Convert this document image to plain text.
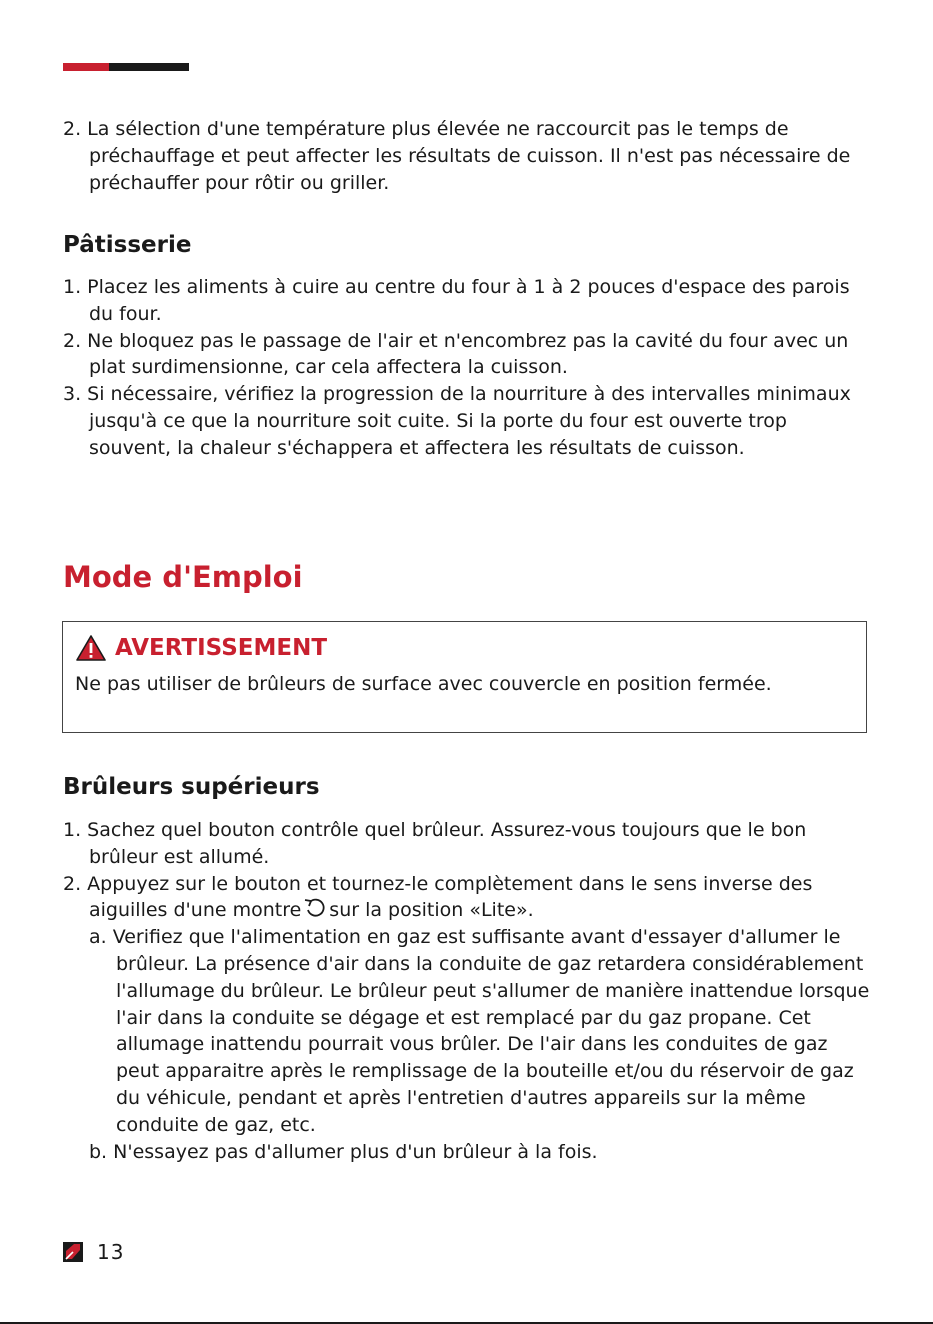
2. La sélection d'une température plus élevée ne raccourcit pas le temps de préchauffage et peut affecter les résultats de cuisson. Il n'est pas nécessaire de préchauffer pour rôtir ou griller.

Pâtisserie

1. Placez les aliments à cuire au centre du four à 1 à 2 pouces d'espace des parois du four.

2. Ne bloquez pas le passage de l'air et n'encombrez pas la cavité du four avec un plat surdimensionne, car cela affectera la cuisson.

3. Si nécessaire, vérifiez la progression de la nourriture à des intervalles minimaux jusqu'à ce que la nourriture soit cuite. Si la porte du four est ouverte trop souvent, la chaleur s'échappera et affectera les résultats de cuisson.

Mode d'Emploi
AVERTISSEMENT
Ne pas utiliser de brûleurs de surface avec couvercle en position fermée.
Brûleurs supérieurs

1. Sachez quel bouton contrôle quel brûleur. Assurez-vous toujours que le bon brûleur est allumé.

2. Appuyez sur le bouton et tournez-le complètement dans le sens inverse des aiguilles d'une montre sur la position «Lite».

a. Verifiez que l'alimentation en gaz est suffisante avant d'essayer d'allumer le brûleur. La présence d'air dans la conduite de gaz retardera considérablement l'allumage du brûleur. Le brûleur peut s'allumer de manière inattendue lorsque l'air dans la conduite se dégage et est remplacé par du gaz propane. Cet allumage inattendu pourrait vous brûler. De l'air dans les conduites de gaz peut apparaitre après le remplissage de la bouteille et/ou du réservoir de gaz du véhicule, pendant et après l'entretien d'autres appareils sur la même conduite de gaz, etc.

b. N'essayez pas d'allumer plus d'un brûleur à la fois.

13
